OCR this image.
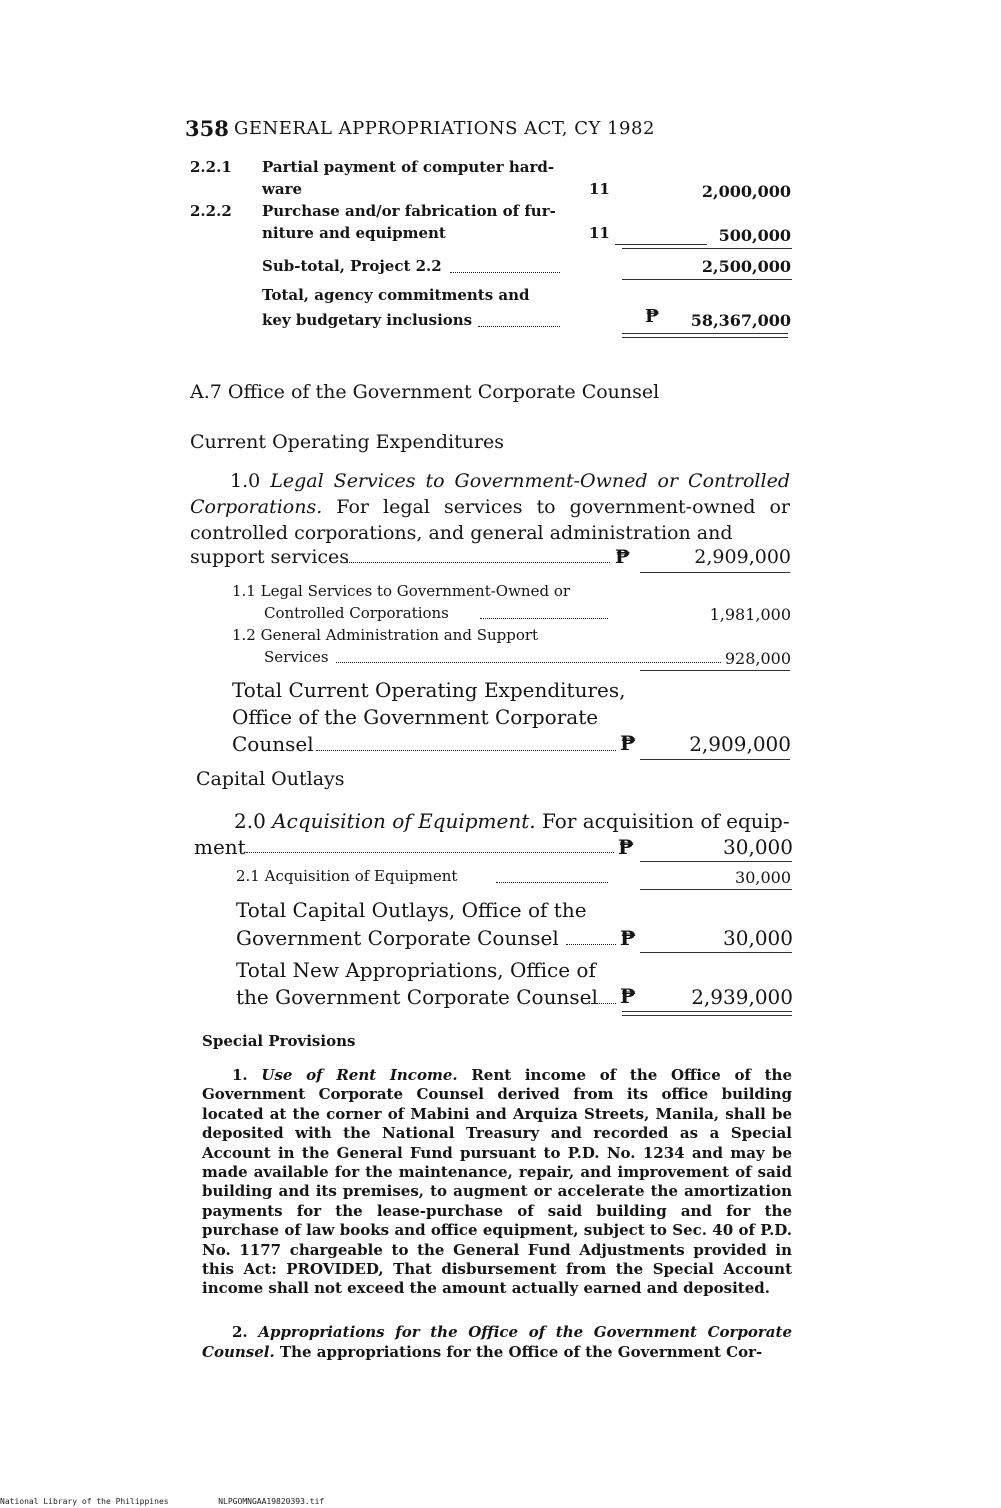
358 GENERAL APPROPRIATIONS ACT, CY 1982
2.2.1 Partial payment of computer hard-
ware	11	2,000,000
2.2.2 Purchase and/or fabrication of fur-
niture and equipment	11	500,000
Sub-total, Project 2.2	2,500,000
Total, agency commitments and
key budgetary inclusions	₱ 58,367,000
A.7 Office of the Government Corporate Counsel
Current Operating Expenditures
1.0 Legal Services to Government-Owned or Controlled Corporations. For legal services to government-owned or controlled corporations, and general administration and
support services	₱	2,909,000
1.1 Legal Services to Government-Owned or
Controlled Corporations	1,981,000
1.2 General Administration and Support
Services	928,000
Total Current Operating Expenditures,
Office of the Government Corporate
Counsel	₱	2,909,000
Capital Outlays
2.0 Acquisition of Equipment. For acquisition of equip-
ment	₱	30,000
2.1 Acquisition of Equipment	30,000
Total Capital Outlays, Office of the
Government Corporate Counsel	₱	30,000
Total New Appropriations, Office of
the Government Corporate Counsel ₱	2,939,000
Special Provisions
1. Use of Rent Income. Rent income of the Office of the Government Corporate Counsel derived from its office building located at the corner of Mabini and Arquiza Streets, Manila, shall be deposited with the National Treasury and recorded as a Special Account in the General Fund pursuant to P.D. No. 1234 and may be made available for the maintenance, repair, and improvement of said building and its premises, to augment or accelerate the amortization payments for the lease-purchase of said building and for the purchase of law books and office equipment, subject to Sec. 40 of P.D. No. 1177 chargeable to the General Fund Adjustments provided in this Act: PROVIDED, That disbursement from the Special Account income shall not exceed the amount actually earned and deposited.
2. Appropriations for the Office of the Government Corporate Counsel. The appropriations for the Office of the Government Cor-
National Library of the Philippines	NLPGOMNGAA19820393.tif
